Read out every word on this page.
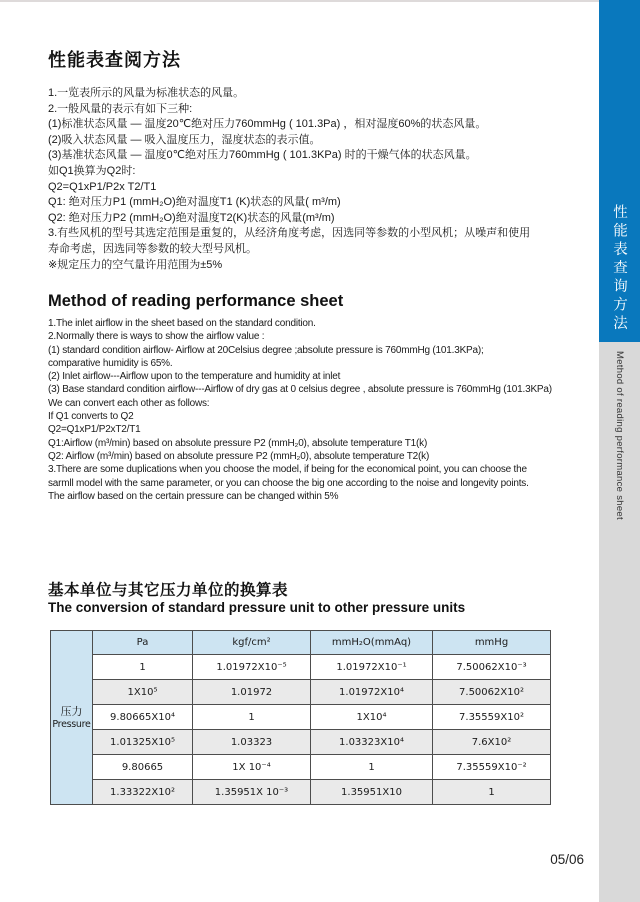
性能表查阅方法
1.一览表所示的风量为标准状态的风量。
2.一般风量的表示有如下三种:
(1)标准状态风量 — 温度20℃绝对压力760mmHg ( 101.3Pa) ，相对湿度60%的状态风量。
(2)吸入状态风量 — 吸入温度压力，湿度状态的表示值。
(3)基准状态风量 — 温度0℃绝对压力760mmHg ( 101.3KPa) 时的干燥气体的状态风量。
如Q1换算为Q2时:
Q2=Q1xP1/P2x T2/T1
Q1: 绝对压力P1 (mmH₂O)绝对温度T1 (K)状态的风量( m³/m)
Q2: 绝对压力P2 (mmH₂O)绝对温度T2(K)状态的风量(m³/m)
3.有些风机的型号其选定范围是重复的，从经济角度考虑，因选同等参数的小型风机；从噪声和使用
寿命考虑，因选同等参数的较大型号风机。
※规定压力的空气量许用范围为±5%
Method of reading performance sheet
1.The inlet airflow in the sheet based on the standard condition.
2.Normally there is ways to show the airflow value :
(1) standard condition airflow- Airflow at 20Celsius degree ;absolute pressure is 760mmHg (101.3KPa);
comparative humidity is 65%.
(2) Inlet airflow---Airflow upon to the temperature and humidity at inlet
(3) Base standard condition airflow---Airflow of dry gas at 0 celsius degree , absolute pressure is 760mmHg (101.3KPa)
We can convert each other as follows:
If Q1 converts to Q2
Q2=Q1xP1/P2xT2/T1
Q1:Airflow (m³/min) based on absolute pressure P2 (mmH₂0), absolute temperature T1(k)
Q2: Airflow (m³/min) based on absolute pressure P2 (mmH₂0), absolute temperature T2(k)
3.There are some duplications when you choose the model, if being for the economical point, you can choose the
sarmll model with the same parameter, or you can choose the big one according to the noise and longevity points.
The airflow based on the certain pressure can be changed within 5%
基本单位与其它压力单位的换算表
The conversion of standard pressure unit to other pressure units
压力
Pressure	Pa	kgf/cm²	mmH₂O(mmAq)	mmHg
	1	1.01972X10⁻⁵	1.01972X10⁻¹	7.50062X10⁻³
	1X10⁵	1.01972	1.01972X10⁴	7.50062X10²
	9.80665X10⁴	1	1X10⁴	7.35559X10²
	1.01325X10⁵	1.03323	1.03323X10⁴	7.6X10²
	9.80665	1X 10⁻⁴	1	7.35559X10⁻²
	1.33322X10²	1.35951X 10⁻³	1.35951X10	1
05/06
性能表查询方法
Method of reading performance sheet
